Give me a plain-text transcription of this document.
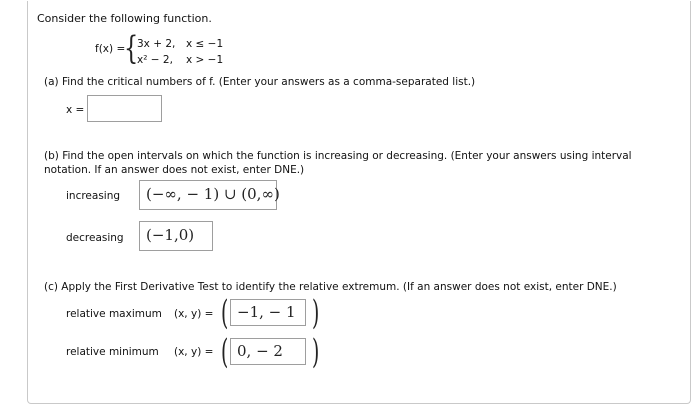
Consider the following function.
f(x) =
{
3x + 2, x ≤ −1
x² − 2, x > −1
(a) Find the critical numbers of f. (Enter your answers as a comma-separated list.)
x =
(b) Find the open intervals on which the function is increasing or decreasing. (Enter your answers using interval notation. If an answer does not exist, enter DNE.)
increasing	(−∞, − 1) ∪ (0,∞)
decreasing	(−1,0)
(c) Apply the First Derivative Test to identify the relative extremum. (If an answer does not exist, enter DNE.)
relative maximum (x, y) = ( −1, − 1 )
relative minimum (x, y) = ( 0, − 2 )
